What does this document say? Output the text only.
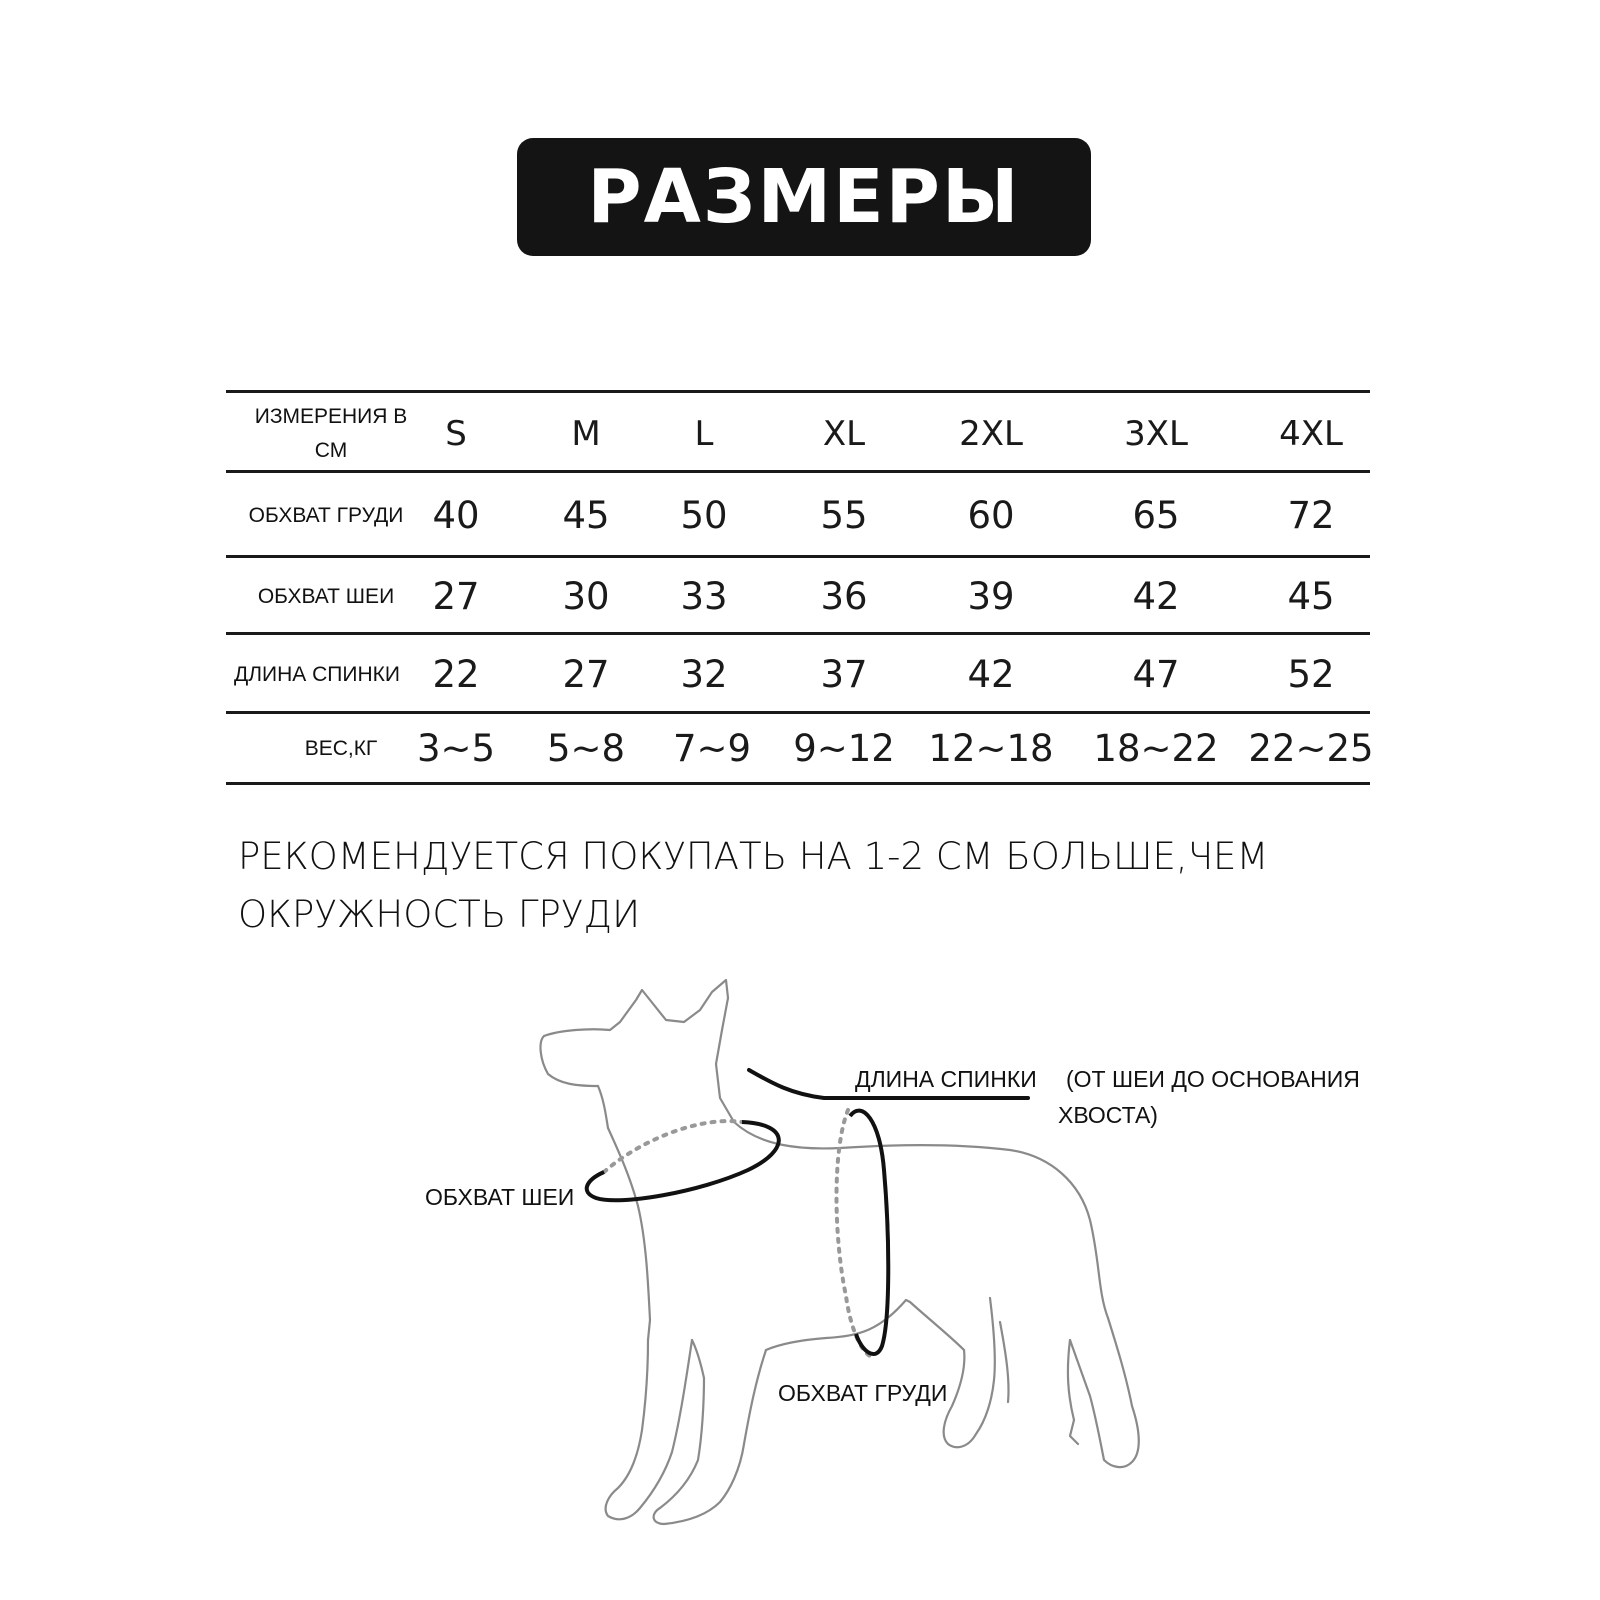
РАЗМЕРЫ
ИЗМЕРЕНИЯ В СМ	S	M	L	XL	2XL	3XL	4XL
ОБХВАТ ГРУДИ 40 45 50	55	60	65	72
ОБХВАТ ШЕИ	27 30 33	36	39	42	45
ДЛИНА СПИНКИ 22 27 32	37	42	47	52
ВЕС,КГ	3~5 5~8 7~9 9~12 12~18 18~22 22~25
РЕКОМЕНДУЕТСЯ ПОКУПАТЬ НА 1-2 СМ БОЛЬШЕ,ЧЕМ ОКРУЖНОСТЬ ГРУДИ
ДЛИНА СПИНКИ (ОТ ШЕИ ДО ОСНОВАНИЯ
ХВОСТА)
ОБХВАТ ШЕИ
ОБХВАТ ГРУДИ
